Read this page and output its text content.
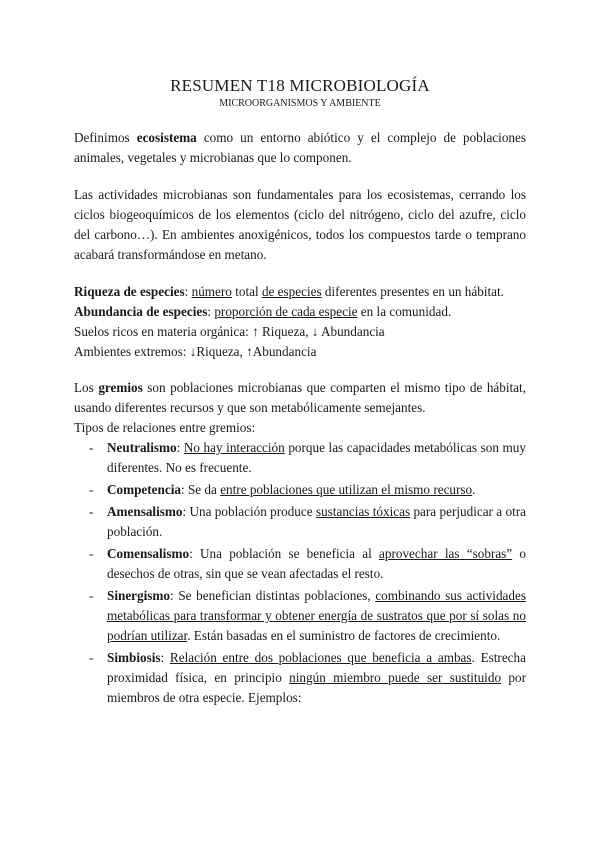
RESUMEN T18 MICROBIOLOGÍA
MICROORGANISMOS Y AMBIENTE

Definimos ecosistema como un entorno abiótico y el complejo de poblaciones animales, vegetales y microbianas que lo componen.

Las actividades microbianas son fundamentales para los ecosistemas, cerrando los ciclos biogeoquímicos de los elementos (ciclo del nitrógeno, ciclo del azufre, ciclo del carbono…). En ambientes anoxigénicos, todos los compuestos tarde o temprano acabará transformándose en metano.

Riqueza de especies: número total de especies diferentes presentes en un hábitat.

Abundancia de especies: proporción de cada especie en la comunidad.

Suelos ricos en materia orgánica: ↑ Riqueza, ↓ Abundancia

Ambientes extremos: ↓Riqueza, ↑Abundancia

Los gremios son poblaciones microbianas que comparten el mismo tipo de hábitat, usando diferentes recursos y que son metabólicamente semejantes.

Tipos de relaciones entre gremios:

- Neutralismo: No hay interacción porque las capacidades metabólicas son muy diferentes. No es frecuente.
- Competencia: Se da entre poblaciones que utilizan el mismo recurso.
- Amensalismo: Una población produce sustancias tóxicas para perjudicar a otra población.
- Comensalismo: Una población se beneficia al aprovechar las “sobras” o desechos de otras, sin que se vean afectadas el resto.
- Sinergismo: Se benefician distintas poblaciones, combinando sus actividades metabólicas para transformar y obtener energía de sustratos que por sí solas no podrían utilizar. Están basadas en el suministro de factores de crecimiento.
- Simbiosis: Relación entre dos poblaciones que beneficia a ambas. Estrecha proximidad física, en principio ningún miembro puede ser sustituido por miembros de otra especie. Ejemplos:
